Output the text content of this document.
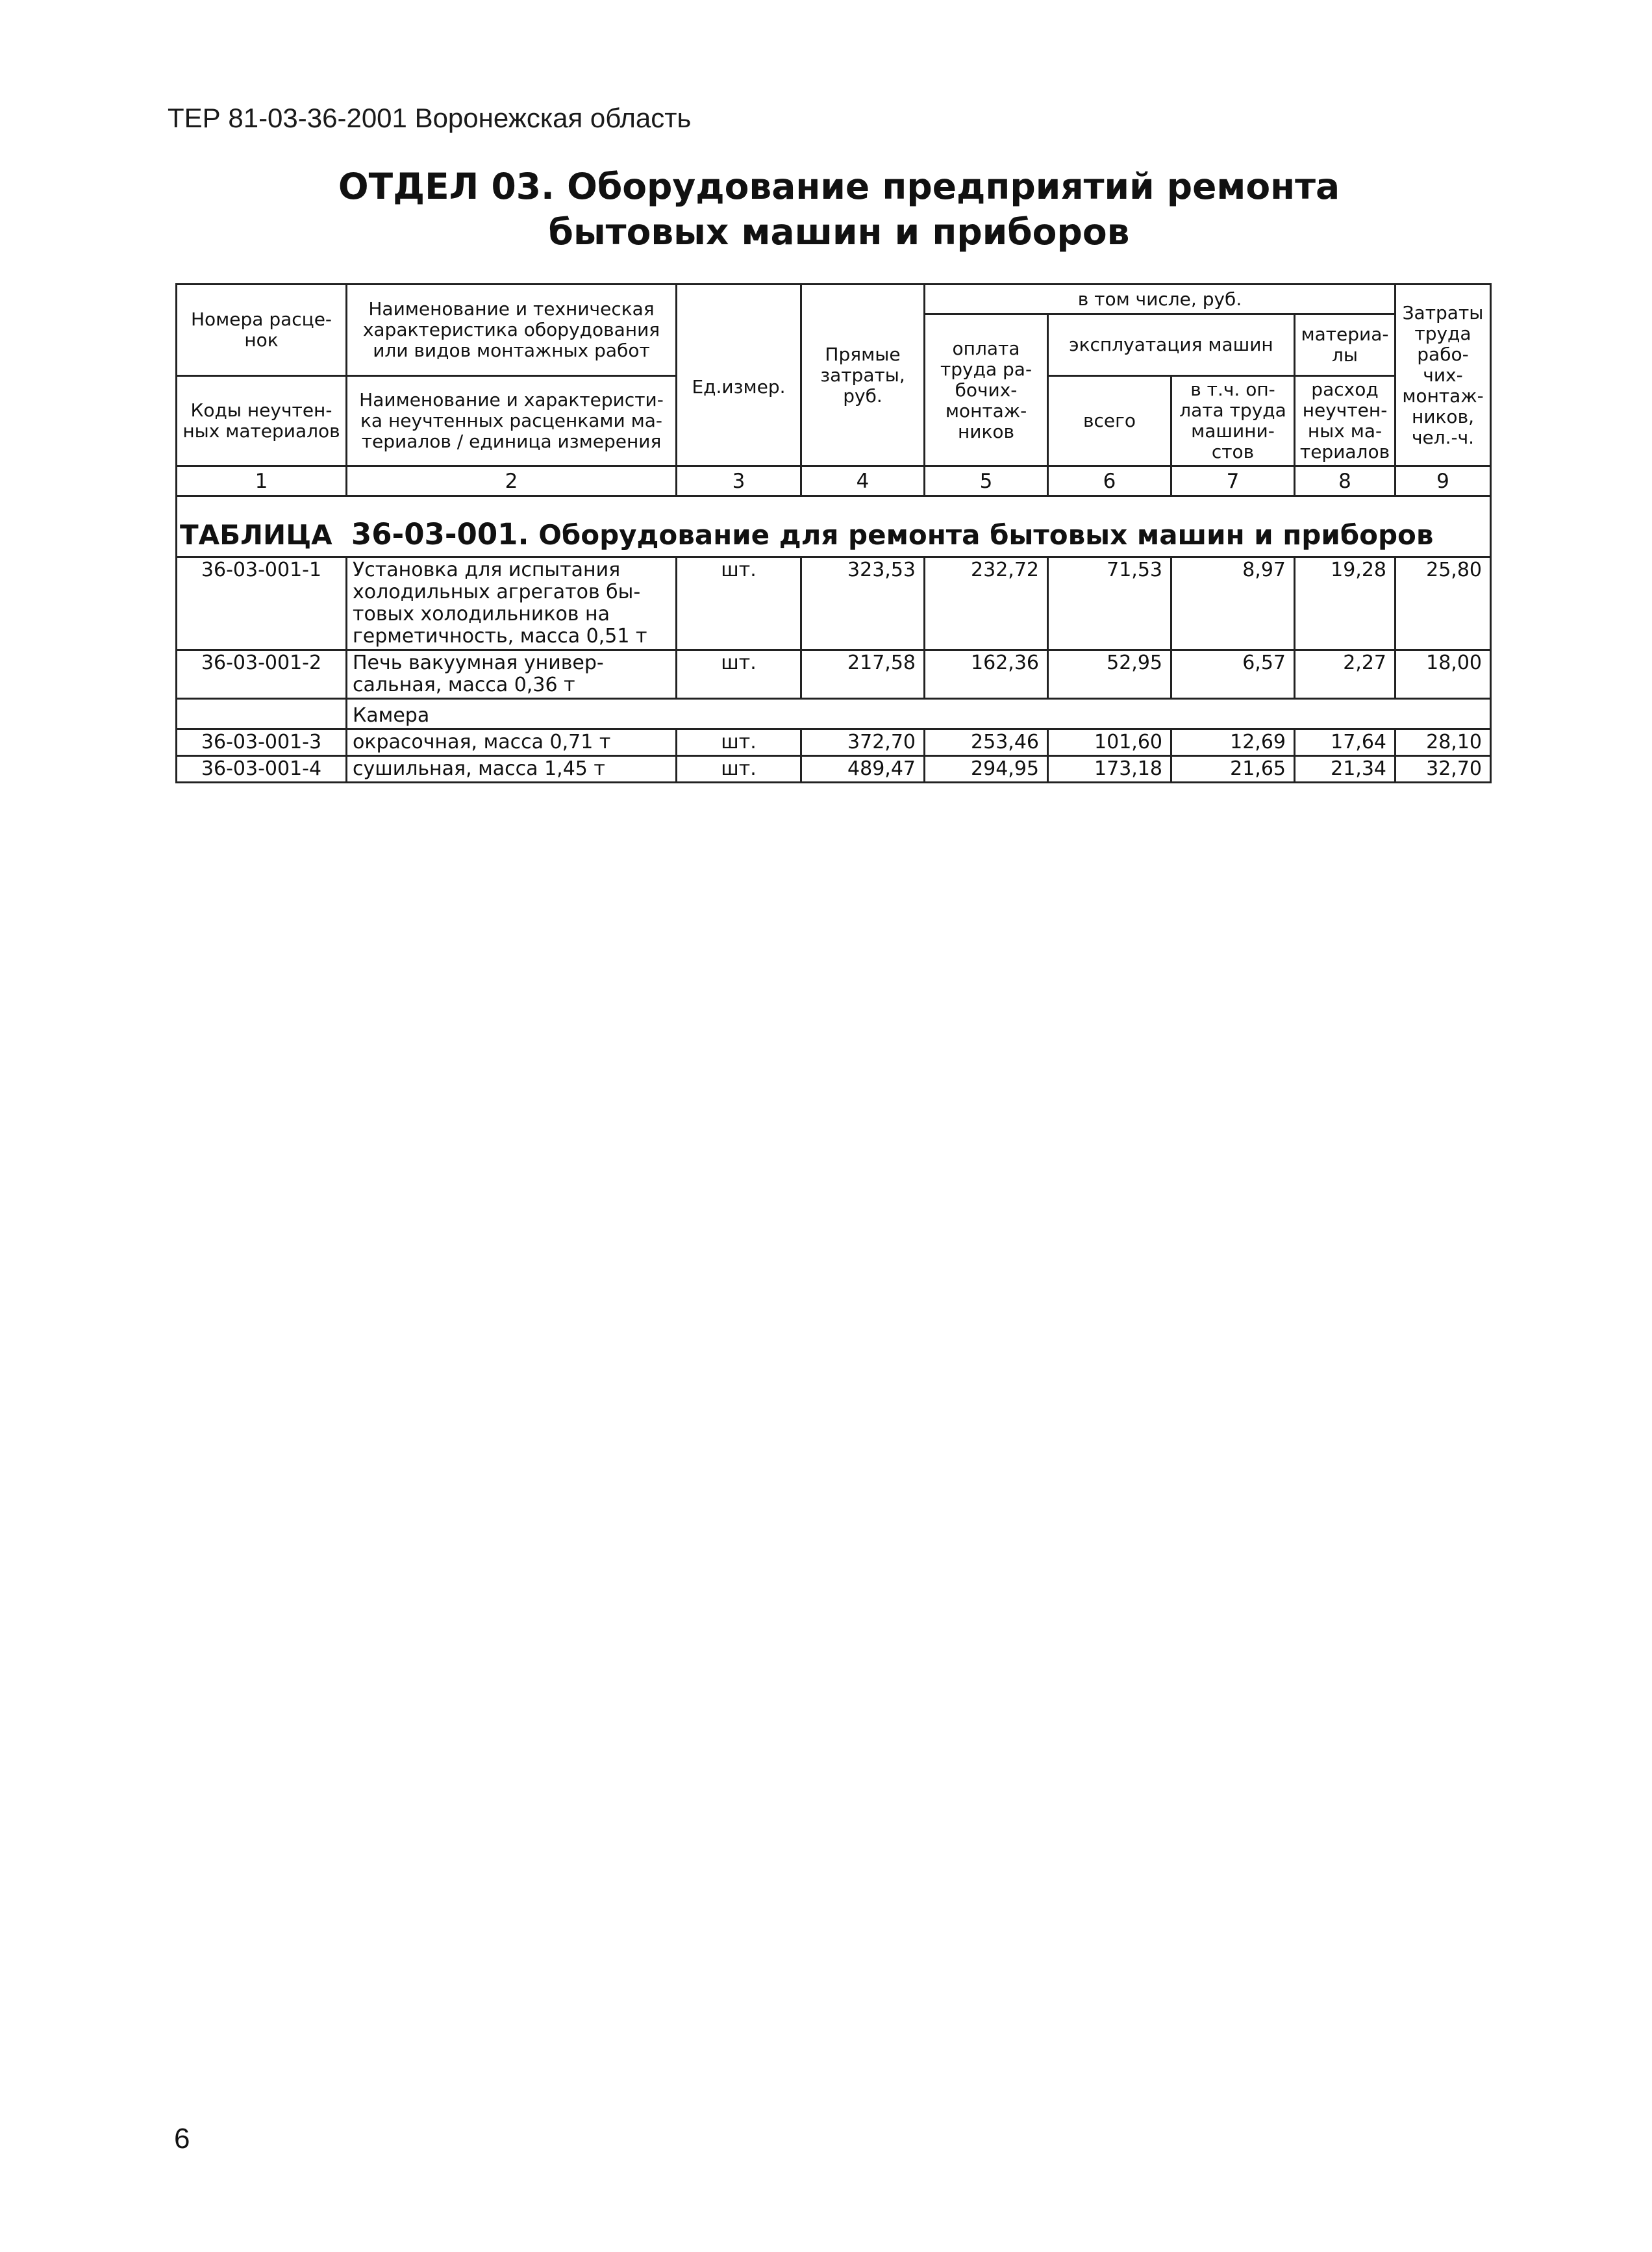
ТЕР 81-03-36-2001 Воронежская область
ОТДЕЛ 03. Оборудование предприятий ремонта
бытовых машин и приборов
Номера расце-нок	Наименование и техническая характеристика оборудования или видов монтажных работ	Ед.измер.	Прямые затраты, руб.	в том числе, руб.				Затраты труда рабо-чих-монтаж-ников, чел.-ч.
				оплата труда ра-бочих-монтаж-ников	эксплуатация машин		материа-лы	

Коды неучтен-ных материалов	Наименование и характеристи-ка неучтенных расценками ма-териалов / единица измерения				всего	в т.ч. оп-лата труда машини-стов	расход неучтен-ных ма-териалов	

1	2	3	4	5	6	7	8	9
ТАБЛИЦА 36-03-001. Оборудование для ремонта бытовых машин и приборов								
36-03-001-1	Установка для испытания холодильных агрегатов бы-товых холодильников на герметичность, масса 0,51 т	шт.	323,53	232,72	71,53	8,97	19,28	25,80
36-03-001-2	Печь вакуумная универ-сальная, масса 0,36 т	шт.	217,58	162,36	52,95	6,57	2,27	18,00
	Камера							
36-03-001-3	окрасочная, масса 0,71 т	шт.	372,70	253,46	101,60	12,69	17,64	28,10
36-03-001-4	сушильная, масса 1,45 т	шт.	489,47	294,95	173,18	21,65	21,34	32,70
6
